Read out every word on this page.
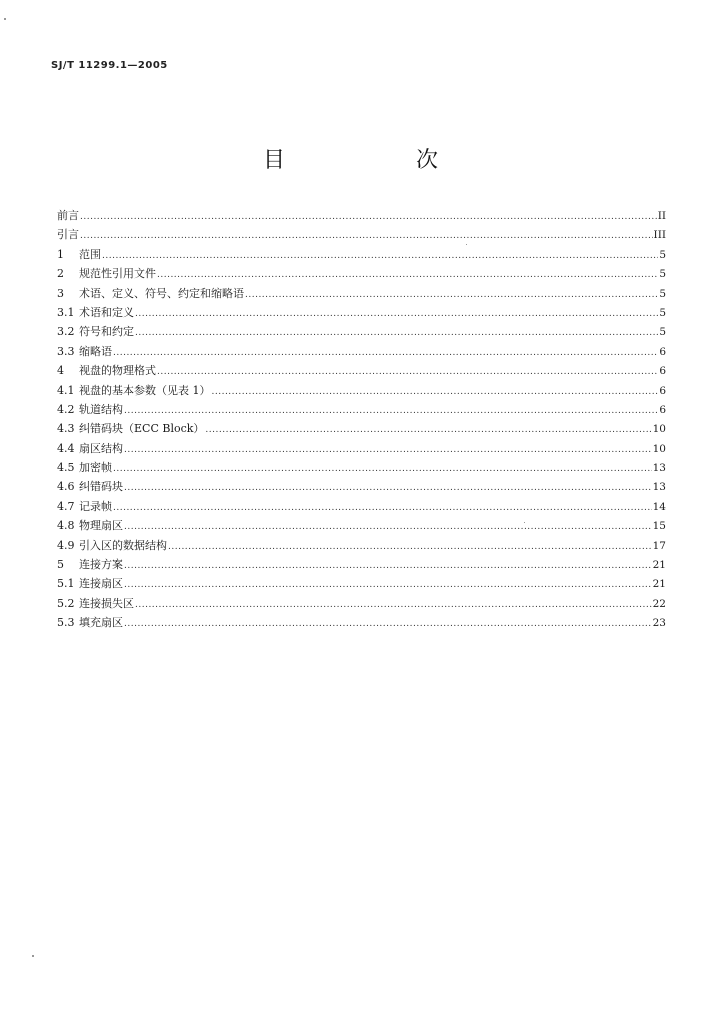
SJ/T 11299.1—2005
目 次
前言 .....	II
引言 .....	III
1	范围 .....	5
2	规范性引用文件 .....	5
3	术语、定义、符号、约定和缩略语 .....	5
3.1 术语和定义 .....	5
3.2 符号和约定 .....	5
3.3 缩略语 .....	6
4	视盘的物理格式 .....	6
4.1 视盘的基本参数（见表 1） .....	6
4.2 轨道结构 .....	6
4.3 纠错码块（ECC Block） .....	10
4.4 扇区结构 .....	10
4.5 加密帧 .....	13
4.6 纠错码块 .....	13
4.7 记录帧 .....	14
4.8 物理扇区 .....	15
4.9 引入区的数据结构 .....	17
5	连接方案 .....	21
5.1 连接扇区 .....	21
5.2 连接损失区 .....	22
5.3 填充扇区 .....	23
